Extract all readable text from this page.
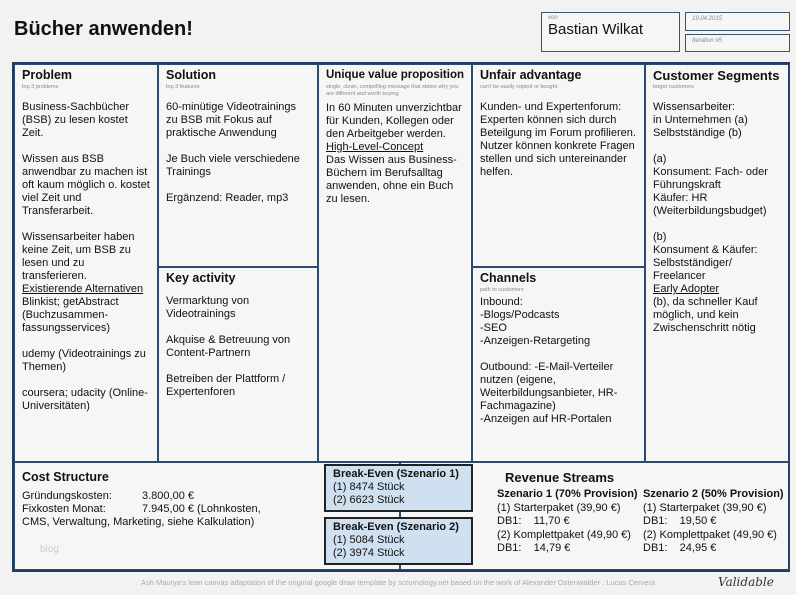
Bücher anwenden!	von
Bastian Wilkat
19.04.2015
Iteration #5
Problem
top 3 problems

Business-Sachbücher (BSB) zu lesen kostet Zeit.

Wissen aus BSB anwendbar zu machen ist oft kaum möglich o. kostet viel Zeit und Transferarbeit.

Wissensarbeiter haben keine Zeit, um BSB zu lesen und zu transferieren.

Existierende Alternativen

Blinkist; getAbstract (Buchzusammen-fassungsservices)

udemy (Videotrainings zu Themen)

coursera; udacity (Online-Universitäten)

Solution
top 3 features

60-minütige Videotrainings zu BSB mit Fokus auf praktische Anwendung

Je Buch viele verschiedene Trainings

Ergänzend: Reader, mp3

Key activity

Vermarktung von Videotrainings

Akquise & Betreuung von Content-Partnern

Betreiben der Plattform / Expertenforen

Unique value proposition
single, clean, compelling message that states why you are different and worth buying

In 60 Minuten unverzichtbar für Kunden, Kollegen oder den Arbeitgeber werden.

High-Level-Concept

Das Wissen aus Business-Büchern im Berufsalltag anwenden, ohne ein Buch zu lesen.

Unfair advantage
can't be easily copied or bought

Kunden- und Expertenforum: Experten können sich durch Beteilgung im Forum profilieren.
Nutzer können konkrete Fragen stellen und sich untereinander helfen.

Channels
path to customers

Inbound:
-Blogs/Podcasts
-SEO
-Anzeigen-Retargeting

Outbound: -E-Mail-Verteiler nutzen (eigene, Weiterbildungsanbieter, HR-Fachmagazine)
-Anzeigen auf HR-Portalen

Customer Segments
target customers

Wissensarbeiter:
in Unternehmen (a)
Selbstständige (b)

(a)
Konsument: Fach- oder Führungskraft
Käufer: HR (Weiterbildungsbudget)

(b)
Konsument & Käufer: Selbstständiger/ Freelancer

Early Adopter

(b), da schneller Kauf möglich, und kein Zwischenschritt nötig

Cost Structure
Gründungskosten:	3.800,00 €
Fixkosten Monat:	7.945,00 € (Lohnkosten,
CMS, Verwaltung, Marketing, siehe Kalkulation)
blog
Revenue Streams
Szenario 1 (70% Provision)
(1) Starterpaket (39,90 €)
DB1:    11,70 €
(2) Komplettpaket (49,90 €)
DB1:    14,79 €
Szenario 2 (50% Provision)
(1) Starterpaket (39,90 €)
DB1:    19,50 €
(2) Komplettpaket (49,90 €)
DB1:    24,95 €
Break-Even (Szenario 1)
(1) 8474 Stück
(2) 6623 Stück
Break-Even (Szenario 2)
(1) 5084 Stück
(2) 3974 Stück
Ash Maurya's lean canvas adaptation of the original google draw template by scrumology.net based on the work of Alexander Ostenwalder . Lucas Cervera	Validable
